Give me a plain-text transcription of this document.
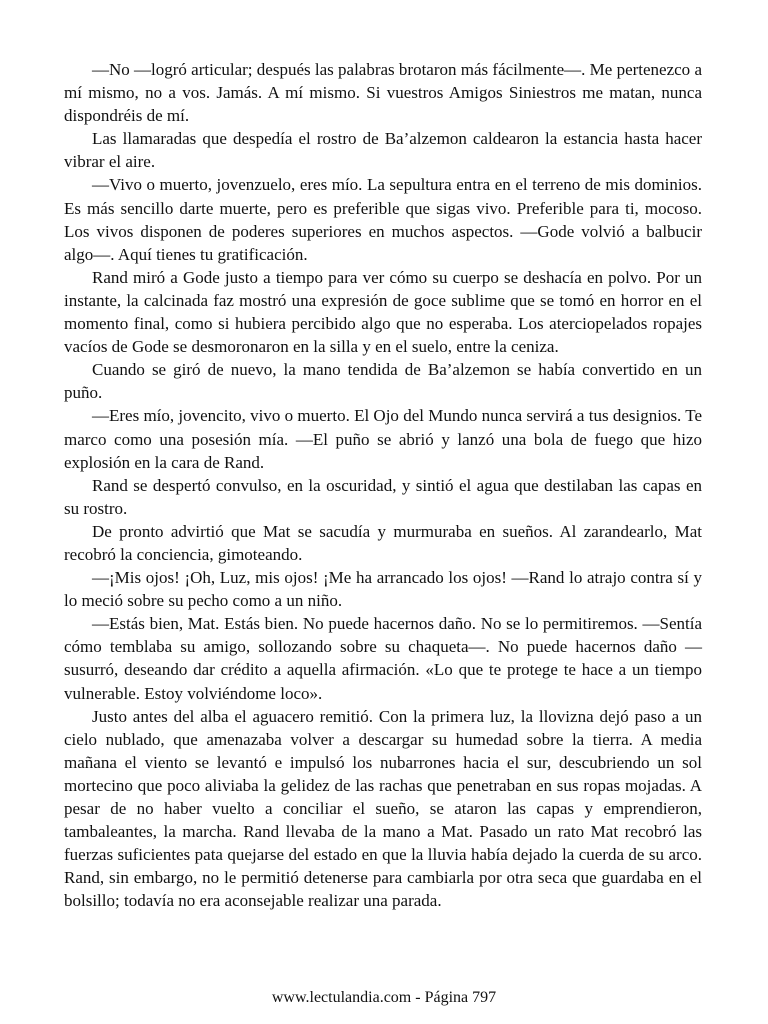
—No —logró articular; después las palabras brotaron más fácilmente—. Me pertenezco a mí mismo, no a vos. Jamás. A mí mismo. Si vuestros Amigos Siniestros me matan, nunca dispondréis de mí.

Las llamaradas que despedía el rostro de Ba’alzemon caldearon la estancia hasta hacer vibrar el aire.

—Vivo o muerto, jovenzuelo, eres mío. La sepultura entra en el terreno de mis dominios. Es más sencillo darte muerte, pero es preferible que sigas vivo. Preferible para ti, mocoso. Los vivos disponen de poderes superiores en muchos aspectos. —Gode volvió a balbucir algo—. Aquí tienes tu gratificación.

Rand miró a Gode justo a tiempo para ver cómo su cuerpo se deshacía en polvo. Por un instante, la calcinada faz mostró una expresión de goce sublime que se tomó en horror en el momento final, como si hubiera percibido algo que no esperaba. Los aterciopelados ropajes vacíos de Gode se desmoronaron en la silla y en el suelo, entre la ceniza.

Cuando se giró de nuevo, la mano tendida de Ba’alzemon se había convertido en un puño.

—Eres mío, jovencito, vivo o muerto. El Ojo del Mundo nunca servirá a tus designios. Te marco como una posesión mía. —El puño se abrió y lanzó una bola de fuego que hizo explosión en la cara de Rand.

Rand se despertó convulso, en la oscuridad, y sintió el agua que destilaban las capas en su rostro.

De pronto advirtió que Mat se sacudía y murmuraba en sueños. Al zarandearlo, Mat recobró la conciencia, gimoteando.

—¡Mis ojos! ¡Oh, Luz, mis ojos! ¡Me ha arrancado los ojos! —Rand lo atrajo contra sí y lo meció sobre su pecho como a un niño.

—Estás bien, Mat. Estás bien. No puede hacernos daño. No se lo permitiremos. —Sentía cómo temblaba su amigo, sollozando sobre su chaqueta—. No puede hacernos daño —susurró, deseando dar crédito a aquella afirmación. «Lo que te protege te hace a un tiempo vulnerable. Estoy volviéndome loco».

Justo antes del alba el aguacero remitió. Con la primera luz, la llovizna dejó paso a un cielo nublado, que amenazaba volver a descargar su humedad sobre la tierra. A media mañana el viento se levantó e impulsó los nubarrones hacia el sur, descubriendo un sol mortecino que poco aliviaba la gelidez de las rachas que penetraban en sus ropas mojadas. A pesar de no haber vuelto a conciliar el sueño, se ataron las capas y emprendieron, tambaleantes, la marcha. Rand llevaba de la mano a Mat. Pasado un rato Mat recobró las fuerzas suficientes pata quejarse del estado en que la lluvia había dejado la cuerda de su arco. Rand, sin embargo, no le permitió detenerse para cambiarla por otra seca que guardaba en el bolsillo; todavía no era aconsejable realizar una parada.

www.lectulandia.com - Página 797
